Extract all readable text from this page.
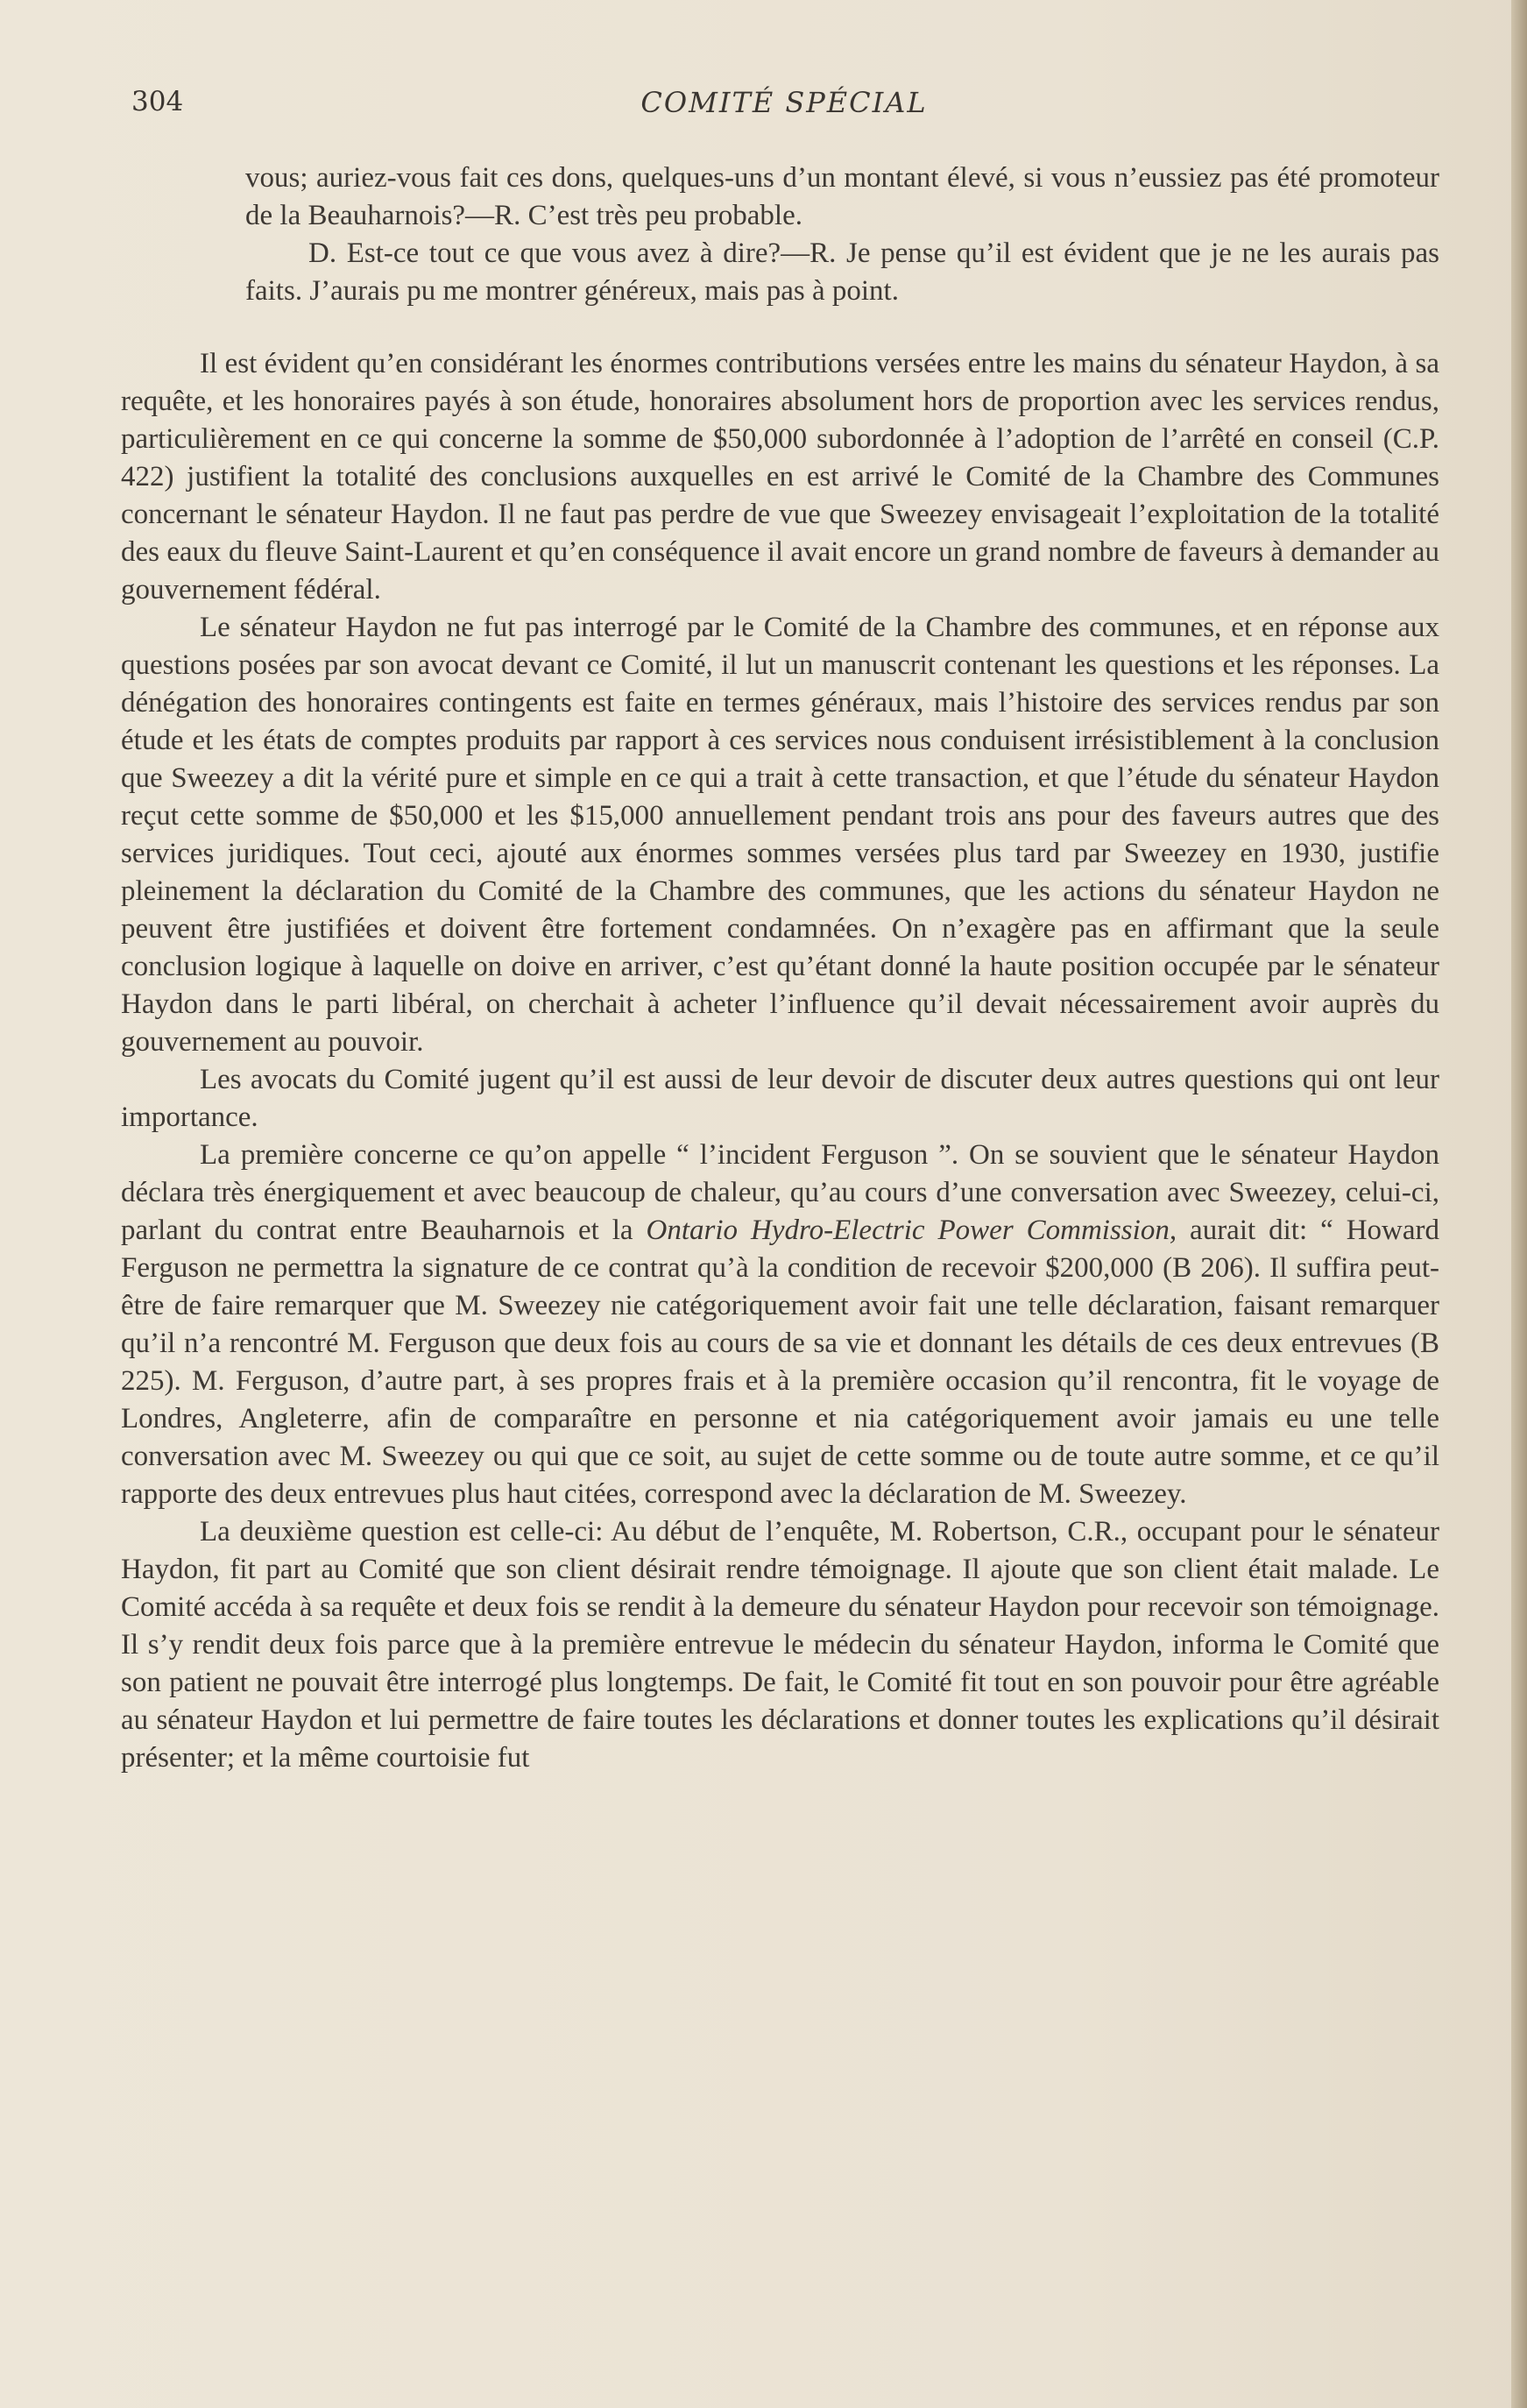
304	COMITÉ SPÉCIAL

vous; auriez-vous fait ces dons, quelques-uns d’un montant élevé, si vous n’eussiez pas été promoteur de la Beauharnois?—R. C’est très peu probable.

D. Est-ce tout ce que vous avez à dire?—R. Je pense qu’il est évident que je ne les aurais pas faits. J’aurais pu me montrer généreux, mais pas à point.

Il est évident qu’en considérant les énormes contributions versées entre les mains du sénateur Haydon, à sa requête, et les honoraires payés à son étude, honoraires absolument hors de proportion avec les services rendus, particulièrement en ce qui concerne la somme de $50,000 subordonnée à l’adoption de l’arrêté en conseil (C.P. 422) justifient la totalité des conclusions auxquelles en est arrivé le Comité de la Chambre des Communes concernant le sénateur Haydon. Il ne faut pas perdre de vue que Sweezey envisageait l’exploitation de la totalité des eaux du fleuve Saint-Laurent et qu’en conséquence il avait encore un grand nombre de faveurs à demander au gouvernement fédéral.

Le sénateur Haydon ne fut pas interrogé par le Comité de la Chambre des communes, et en réponse aux questions posées par son avocat devant ce Comité, il lut un manuscrit contenant les questions et les réponses. La dénégation des honoraires contingents est faite en termes généraux, mais l’histoire des services rendus par son étude et les états de comptes produits par rapport à ces services nous conduisent irrésistiblement à la conclusion que Sweezey a dit la vérité pure et simple en ce qui a trait à cette transaction, et que l’étude du sénateur Haydon reçut cette somme de $50,000 et les $15,000 annuellement pendant trois ans pour des faveurs autres que des services juridiques. Tout ceci, ajouté aux énormes sommes versées plus tard par Sweezey en 1930, justifie pleinement la déclaration du Comité de la Chambre des communes, que les actions du sénateur Haydon ne peuvent être justifiées et doivent être fortement condamnées. On n’exagère pas en affirmant que la seule conclusion logique à laquelle on doive en arriver, c’est qu’étant donné la haute position occupée par le sénateur Haydon dans le parti libéral, on cherchait à acheter l’influence qu’il devait nécessairement avoir auprès du gouvernement au pouvoir.

Les avocats du Comité jugent qu’il est aussi de leur devoir de discuter deux autres questions qui ont leur importance.

La première concerne ce qu’on appelle “ l’incident Ferguson ”. On se souvient que le sénateur Haydon déclara très énergiquement et avec beaucoup de chaleur, qu’au cours d’une conversation avec Sweezey, celui-ci, parlant du contrat entre Beauharnois et la Ontario Hydro-Electric Power Commission, aurait dit: “ Howard Ferguson ne permettra la signature de ce contrat qu’à la condition de recevoir $200,000 (B 206). Il suffira peut-être de faire remarquer que M. Sweezey nie catégoriquement avoir fait une telle déclaration, faisant remarquer qu’il n’a rencontré M. Ferguson que deux fois au cours de sa vie et donnant les détails de ces deux entrevues (B 225). M. Ferguson, d’autre part, à ses propres frais et à la première occasion qu’il rencontra, fit le voyage de Londres, Angleterre, afin de comparaître en personne et nia catégoriquement avoir jamais eu une telle conversation avec M. Sweezey ou qui que ce soit, au sujet de cette somme ou de toute autre somme, et ce qu’il rapporte des deux entrevues plus haut citées, correspond avec la déclaration de M. Sweezey.

La deuxième question est celle-ci: Au début de l’enquête, M. Robertson, C.R., occupant pour le sénateur Haydon, fit part au Comité que son client désirait rendre témoignage. Il ajoute que son client était malade. Le Comité accéda à sa requête et deux fois se rendit à la demeure du sénateur Haydon pour recevoir son témoignage. Il s’y rendit deux fois parce que à la première entrevue le médecin du sénateur Haydon, informa le Comité que son patient ne pouvait être interrogé plus longtemps. De fait, le Comité fit tout en son pouvoir pour être agréable au sénateur Haydon et lui permettre de faire toutes les déclarations et donner toutes les explications qu’il désirait présenter; et la même courtoisie fut
